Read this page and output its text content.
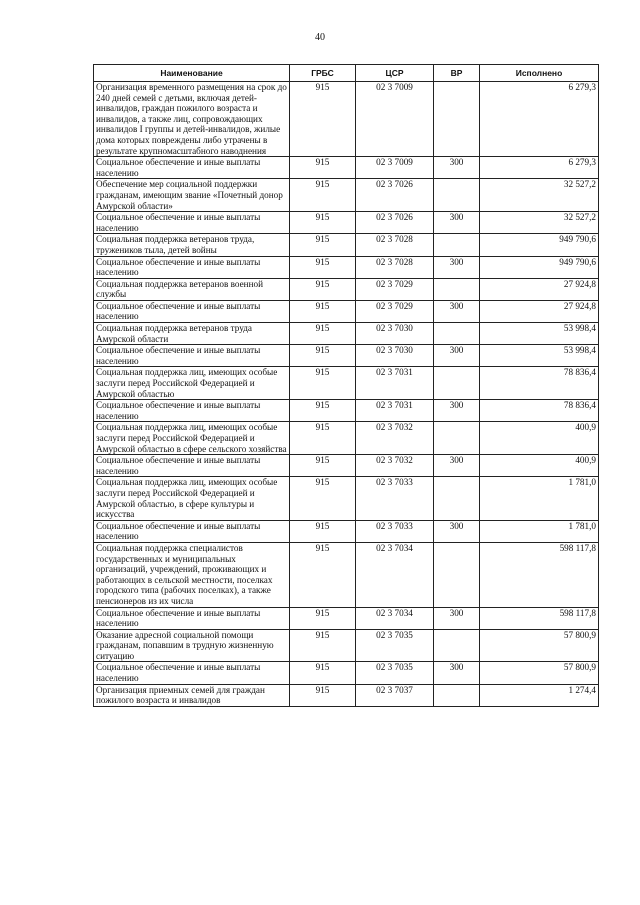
40
Наименование	ГРБС	ЦСР	ВР	Исполнено
Организация временного размещения на срок до 240 дней семей с детьми, включая детей-инвалидов, граждан пожилого возраста и инвалидов, а также лиц, сопровождающих инвалидов I группы и детей-инвалидов, жилые дома которых повреждены либо утрачены в результате крупномасштабного наводнения	915	02 3 7009		6 279,3
Социальное обеспечение и иные выплаты населению	915	02 3 7009	300	6 279,3
Обеспечение мер социальной поддержки гражданам, имеющим звание «Почетный донор Амурской области»	915	02 3 7026		32 527,2
Социальное обеспечение и иные выплаты населению	915	02 3 7026	300	32 527,2
Социальная поддержка ветеранов труда, тружеников тыла, детей войны	915	02 3 7028		949 790,6
Социальное обеспечение и иные выплаты населению	915	02 3 7028	300	949 790,6
Социальная поддержка ветеранов военной службы	915	02 3 7029		27 924,8
Социальное обеспечение и иные выплаты населению	915	02 3 7029	300	27 924,8
Социальная поддержка ветеранов труда Амурской области	915	02 3 7030		53 998,4
Социальное обеспечение и иные выплаты населению	915	02 3 7030	300	53 998,4
Социальная поддержка лиц, имеющих особые заслуги перед Российской Федерацией и Амурской областью	915	02 3 7031		78 836,4
Социальное обеспечение и иные выплаты населению	915	02 3 7031	300	78 836,4
Социальная поддержка лиц, имеющих особые заслуги перед Российской Федерацией и Амурской областью в сфере сельского хозяйства	915	02 3 7032		400,9
Социальное обеспечение и иные выплаты населению	915	02 3 7032	300	400,9
Социальная поддержка лиц, имеющих особые заслуги перед Российской Федерацией и Амурской областью, в сфере культуры и искусства	915	02 3 7033		1 781,0
Социальное обеспечение и иные выплаты населению	915	02 3 7033	300	1 781,0
Социальная поддержка специалистов государственных и муниципальных организаций, учреждений, проживающих и работающих в сельской местности, поселках городского типа (рабочих поселках), а также пенсионеров из их числа	915	02 3 7034		598 117,8
Социальное обеспечение и иные выплаты населению	915	02 3 7034	300	598 117,8
Оказание адресной социальной помощи гражданам, попавшим в трудную жизненную ситуацию	915	02 3 7035		57 800,9
Социальное обеспечение и иные выплаты населению	915	02 3 7035	300	57 800,9
Организация приемных семей для граждан пожилого возраста и инвалидов	915	02 3 7037		1 274,4
